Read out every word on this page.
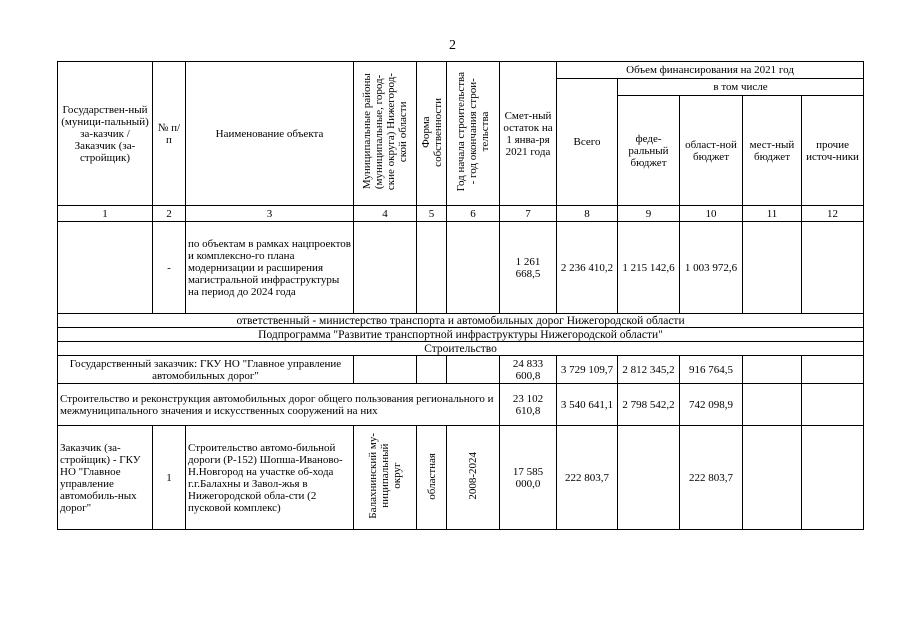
2
Государствен-ный (муници-пальный) за-казчик / Заказчик (за-стройщик)	№ п/п	Наименование объекта	Муниципальные районы
(муниципальные, город-
ские округа) Нижегород-
ской области	Форма
собственности	Год начала строительства
- год окончания строи-
тельства	Смет-ный остаток на 1 янва-ря 2021 года	Объем финансирования на 2021 год				
							Всего	в том числе			
								феде-ральный бюджет	област-ной бюджет	мест-ный бюджет	прочие источ-ники
1	2	3	4	5	6	7	8	9	10	11	12
	-	по объектам в рамках нацпроектов и комплексно-го плана модернизации и расширения магистральной инфраструктуры на период до 2024 года				1 261 668,5	2 236 410,2	1 215 142,6	1 003 972,6		
ответственный - министерство транспорта и автомобильных дорог Нижегородской области											
Подпрограмма "Развитие транспортной инфраструктуры Нижегородской области"											
Строительство											
Государственный заказчик: ГКУ НО "Главное управление автомобильных дорог"						24 833 600,8	3 729 109,7	2 812 345,2	916 764,5		
Строительство и реконструкция автомобильных дорог общего пользования регионального и межмуниципального значения и искусственных сооружений на них						23 102 610,8	3 540 641,1	2 798 542,2	742 098,9		
Заказчик (за-стройщик) - ГКУ НО "Главное управление автомобиль-ных дорог"	1	Строительство автомо-бильной дороги (Р-152) Шопша-Иваново-Н.Новгород на участке об-хода г.г.Балахны и Завол-жья в Нижегородской обла-сти (2 пусковой комплекс)	Балахнинский му-
ниципальный
округ	областная	2008-2024	17 585 000,0	222 803,7		222 803,7		
